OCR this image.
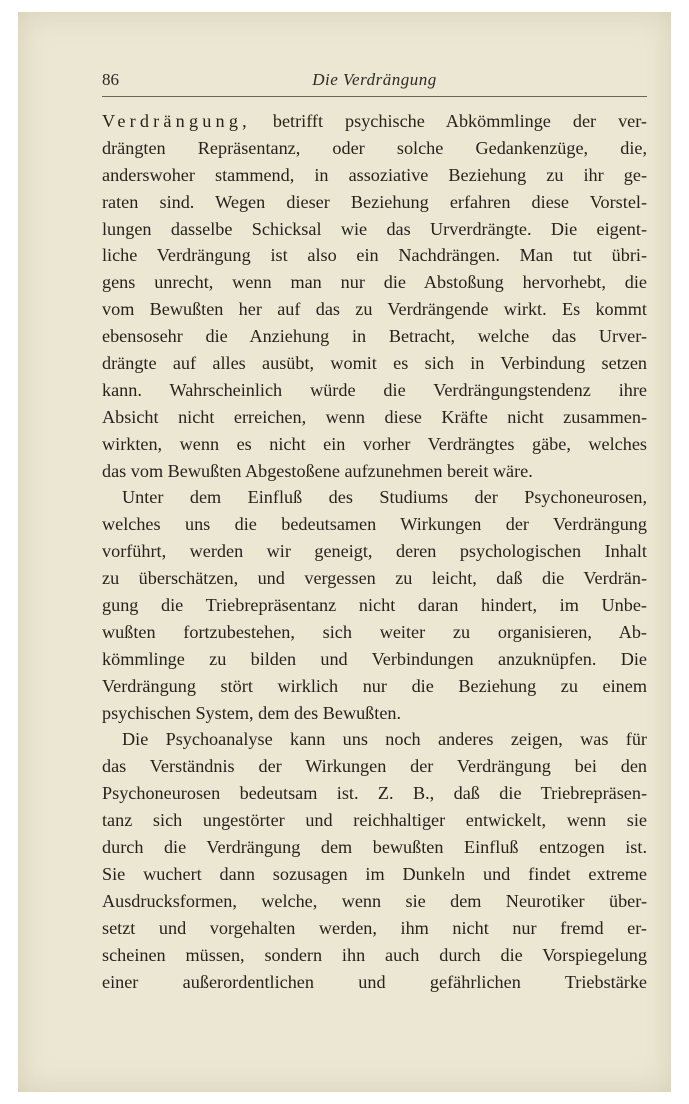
86	Die Verdrängung
Verdrängung, betrifft psychische Abkömmlinge der ver-
drängten Repräsentanz, oder solche Gedankenzüge, die,
anderswoher stammend, in assoziative Beziehung zu ihr ge-
raten sind. Wegen dieser Beziehung erfahren diese Vorstel-
lungen dasselbe Schicksal wie das Urverdrängte. Die eigent-
liche Verdrängung ist also ein Nachdrängen. Man tut übri-
gens unrecht, wenn man nur die Abstoßung hervorhebt, die
vom Bewußten her auf das zu Verdrängende wirkt. Es kommt
ebensosehr die Anziehung in Betracht, welche das Urver-
drängte auf alles ausübt, womit es sich in Verbindung setzen
kann. Wahrscheinlich würde die Verdrängungstendenz ihre
Absicht nicht erreichen, wenn diese Kräfte nicht zusammen-
wirkten, wenn es nicht ein vorher Verdrängtes gäbe, welches
das vom Bewußten Abgestoßene aufzunehmen bereit wäre.
Unter dem Einfluß des Studiums der Psychoneurosen,
welches uns die bedeutsamen Wirkungen der Verdrängung
vorführt, werden wir geneigt, deren psychologischen Inhalt
zu überschätzen, und vergessen zu leicht, daß die Verdrän-
gung die Triebrepräsentanz nicht daran hindert, im Unbe-
wußten fortzubestehen, sich weiter zu organisieren, Ab-
kömmlinge zu bilden und Verbindungen anzuknüpfen. Die
Verdrängung stört wirklich nur die Beziehung zu einem
psychischen System, dem des Bewußten.
Die Psychoanalyse kann uns noch anderes zeigen, was für
das Verständnis der Wirkungen der Verdrängung bei den
Psychoneurosen bedeutsam ist. Z. B., daß die Triebrepräsen-
tanz sich ungestörter und reichhaltiger entwickelt, wenn sie
durch die Verdrängung dem bewußten Einfluß entzogen ist.
Sie wuchert dann sozusagen im Dunkeln und findet extreme
Ausdrucksformen, welche, wenn sie dem Neurotiker über-
setzt und vorgehalten werden, ihm nicht nur fremd er-
scheinen müssen, sondern ihn auch durch die Vorspiegelung
einer außerordentlichen und gefährlichen Triebstärke
